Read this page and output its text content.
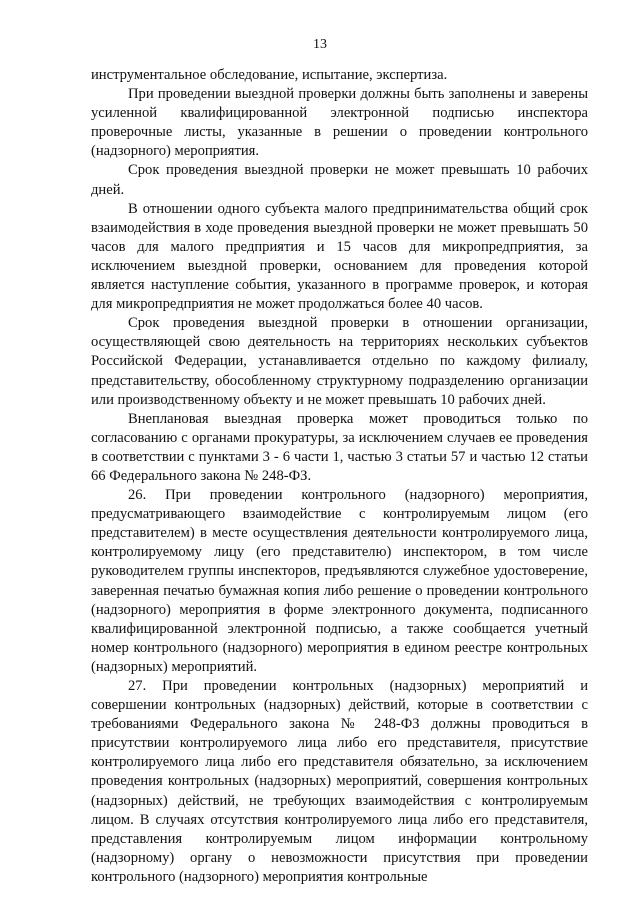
13

инструментальное обследование, испытание, экспертиза.

При проведении выездной проверки должны быть заполнены и заверены усиленной квалифицированной электронной подписью инспектора проверочные листы, указанные в решении о проведении контрольного (надзорного) мероприятия.

Срок проведения выездной проверки не может превышать 10 рабочих дней.

В отношении одного субъекта малого предпринимательства общий срок взаимодействия в ходе проведения выездной проверки не может превышать 50 часов для малого предприятия и 15 часов для микропредприятия, за исключением выездной проверки, основанием для проведения которой является наступление события, указанного в программе проверок, и которая для микропредприятия не может продолжаться более 40 часов.

Срок проведения выездной проверки в отношении организации, осуществляющей свою деятельность на территориях нескольких субъектов Российской Федерации, устанавливается отдельно по каждому филиалу, представительству, обособленному структурному подразделению организации или производственному объекту и не может превышать 10 рабочих дней.

Внеплановая выездная проверка может проводиться только по согласованию с органами прокуратуры, за исключением случаев ее проведения в соответствии с пунктами 3 - 6 части 1, частью 3 статьи 57 и частью 12 статьи 66 Федерального закона № 248-ФЗ.

26. При проведении контрольного (надзорного) мероприятия, предусматривающего взаимодействие с контролируемым лицом (его представителем) в месте осуществления деятельности контролируемого лица, контролируемому лицу (его представителю) инспектором, в том числе руководителем группы инспекторов, предъявляются служебное удостоверение, заверенная печатью бумажная копия либо решение о проведении контрольного (надзорного) мероприятия в форме электронного документа, подписанного квалифицированной электронной подписью, а также сообщается учетный номер контрольного (надзорного) мероприятия в едином реестре контрольных (надзорных) мероприятий.

27. При проведении контрольных (надзорных) мероприятий и совершении контрольных (надзорных) действий, которые в соответствии с требованиями Федерального закона № 248-ФЗ должны проводиться в присутствии контролируемого лица либо его представителя, присутствие контролируемого лица либо его представителя обязательно, за исключением проведения контрольных (надзорных) мероприятий, совершения контрольных (надзорных) действий, не требующих взаимодействия с контролируемым лицом. В случаях отсутствия контролируемого лица либо его представителя, представления контролируемым лицом информации контрольному (надзорному) органу о невозможности присутствия при проведении контрольного (надзорного) мероприятия контрольные
